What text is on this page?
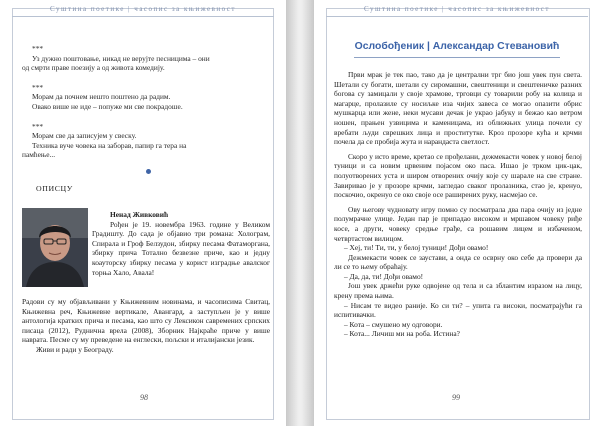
Суштина поетике | часопис за књижевност

***

Уз дужно поштовање, никад не верујте песницима – они

од смрти праве поезију а од живота комедију.

***

Морам да почнем нешто поштено да радим.

Овако више не иде – попуже ми све покрадоше.

***

Морам све да записујем у свеску.

Техника вуче човека на заборав, папир га тера на

памћење...

ОПИСЦУ

Ненад Живковић

Рођен је 19. новембра 1963. године у Великом Градишту. До сада је објавио три романа: Хологрaм, Спирала и Гроф Белзудон, збирку песама Фатаморгана, збирку прича Тотално безвезне приче, као и једну коауторску збирку песама у корист изградње авалског торња Хало, Авала!

Радови су му објављивани у Књижевним новинама, и часописима Свитац, Књижевна реч, Књижевне вертикале, Авангард, а заступљен је у више антологија кратких прича и песама, као што су Лексикон савремених српских писаца (2012), Руднична врела (2008), Зборник Најкраће приче у више наврата. Песме су му преведене на енглески, пољски и италијански језик.

Живи и ради у Београду.

98
Суштина поетике | часопис за књижевност
Ослобођеник | Александар Стевановић

Први мрак је тек пао, тако да је централни трг био још увек пун света. Шетали су богати, шетали су сиромашни, свештеници и свештеничке разних богова су замицали у своје храмове, трговци су товарили робу на колица и магарце, пролазиле су носиљке иза чијих завеса се могао опазити обрис мушкарца или жене, неки мусави дечак је украо јабуку и бежао као ветром ношен, прањен узвицима и каменицама, из оближњих улица почели су вребати људи сврешких лица и проститутке. Кроз прозоре кућа и крчми почела да се пробија жута и нарандаста светлост.

Скоро у исто време, кретао се прoђелани, дежмекасти човек у новој белој туници и са новим црвеним појасом око паса. Ишао је трком цик-цак, полуотворених уста и широм отворених очију које су шарале на све стране. Завиривао је у прозоре крчми, загледао сваког пролазника, стао је, кренуо, поскочио, окренуо се око своје осе раширених руку, насмејао се.

Ову његову чудновату игру помно су посматрала два пара очију из једне полумрачне улице. Један пар је припадао високом и мршавом човеку риђе косе, а други, човеку средње грађе, са рошавим лицем и избаченом, четвртастом вилицом.

– Хеј, ти! Ти, ти, у белој туници! Дођи овамо!

Дежмекасти човек се заустави, а онда се осврну око себе да провери да ли се то њему обраћају.

– Да, да, ти! Дођи овамо!

Још увек држећи руке одвојене од тела и са зблантим изразом на лицу, крену према њима.

– Нисам те видео раније. Ко си ти? – упита га високи, посматрајући га испитивачки.

– Кота – смушено му одговори.

– Кота... Личиш ми на роба. Истина?

99
